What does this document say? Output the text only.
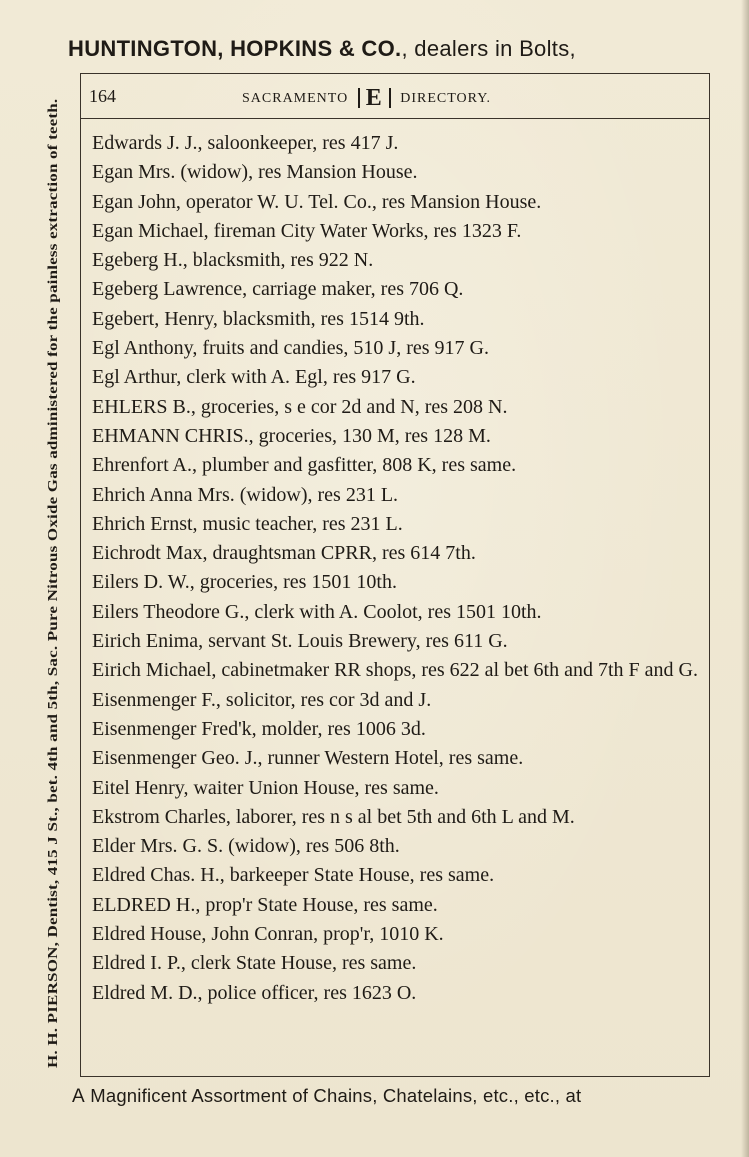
HUNTINGTON, HOPKINS & CO., dealers in Bolts,
H. H. PIERSON, Dentist, 415 J St., bet. 4th and 5th, Sac. Pure Nitrous Oxide Gas administered for the painless extraction of teeth.
164	SACRAMENTO E DIRECTORY.
Edwards J. J., saloonkeeper, res 417 J.
Egan Mrs. (widow), res Mansion House.
Egan John, operator W. U. Tel. Co., res Mansion House.
Egan Michael, fireman City Water Works, res 1323 F.
Egeberg H., blacksmith, res 922 N.
Egeberg Lawrence, carriage maker, res 706 Q.
Egebert, Henry, blacksmith, res 1514 9th.
Egl Anthony, fruits and candies, 510 J, res 917 G.
Egl Arthur, clerk with A. Egl, res 917 G.
EHLERS B., groceries, s e cor 2d and N, res 208 N.
EHMANN CHRIS., groceries, 130 M, res 128 M.
Ehrenfort A., plumber and gasfitter, 808 K, res same.
Ehrich Anna Mrs. (widow), res 231 L.
Ehrich Ernst, music teacher, res 231 L.
Eichrodt Max, draughtsman CPRR, res 614 7th.
Eilers D. W., groceries, res 1501 10th.
Eilers Theodore G., clerk with A. Coolot, res 1501 10th.
Eirich Enima, servant St. Louis Brewery, res 611 G.
Eirich Michael, cabinetmaker RR shops, res 622 al bet 6th and 7th F and G.
Eisenmenger F., solicitor, res cor 3d and J.
Eisenmenger Fred'k, molder, res 1006 3d.
Eisenmenger Geo. J., runner Western Hotel, res same.
Eitel Henry, waiter Union House, res same.
Ekstrom Charles, laborer, res n s al bet 5th and 6th L and M.
Elder Mrs. G. S. (widow), res 506 8th.
Eldred Chas. H., barkeeper State House, res same.
ELDRED H., prop'r State House, res same.
Eldred House, John Conran, prop'r, 1010 K.
Eldred I. P., clerk State House, res same.
Eldred M. D., police officer, res 1623 O.
A Magnificent Assortment of Chains, Chatelains, etc., etc., at
